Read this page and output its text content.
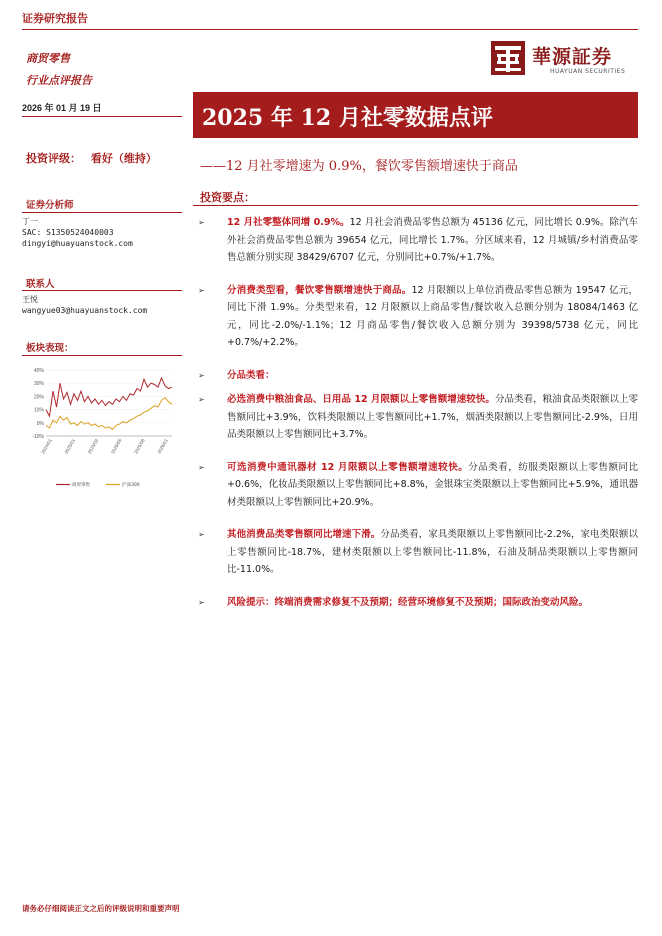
证券研究报告
商贸零售
行业点评报告
華源証券
HUAYUAN SECURITIES
2026 年 01 月 19 日	2025 年 12 月社零数据点评
投资评级： 看好（维持）
——12 月社零增速为 0.9%，餐饮零售额增速快于商品
证券分析师
丁一
SAC: S1350524040003
dingyi@huayuanstock.com
联系人
王悦
wangyue03@huayuanstock.com
板块表现：
40%
30%
20%
10%
0%
-10%
2024/01 2025/01 2025/03 2025/05 2025/08 2026/01
商贸零售	沪深300
投资要点：
➢ 12 月社零整体同增 0.9%。12 月社会消费品零售总额为 45136 亿元，同比增长 0.9%。除汽车外社会消费品零售总额为 39654 亿元，同比增长 1.7%。分区域来看，12 月城镇/乡村消费品零售总额分别实现 38429/6707 亿元，分别同比+0.7%/+1.7%。
➢ 分消费类型看，餐饮零售额增速快于商品。12 月限额以上单位消费品零售总额为 19547 亿元，同比下滑 1.9%。分类型来看，12 月限额以上商品零售/餐饮收入总额分别为 18084/1463 亿元，同比-2.0%/-1.1%；12 月商品零售/餐饮收入总额分别为 39398/5738 亿元，同比+0.7%/+2.2%。
➢ 分品类看：
➢ 必选消费中粮油食品、日用品 12 月限额以上零售额增速较快。分品类看，粮油食品类限额以上零售额同比+3.9%，饮料类限额以上零售额同比+1.7%，烟酒类限额以上零售额同比-2.9%，日用品类限额以上零售额同比+3.7%。
➢ 可选消费中通讯器材 12 月限额以上零售额增速较快。分品类看，纺服类限额以上零售额同比+0.6%，化妆品类限额以上零售额同比+8.8%，金银珠宝类限额以上零售额同比+5.9%，通讯器材类限额以上零售额同比+20.9%。
➢ 其他消费品类零售额同比增速下滑。分品类看，家具类限额以上零售额同比-2.2%，家电类限额以上零售额同比-18.7%，建材类限额以上零售额同比-11.8%，石油及制品类限额以上零售额同比-11.0%。
➢ 风险提示：终端消费需求修复不及预期；经营环境修复不及预期；国际政治变动风险。
请务必仔细阅读正文之后的评级说明和重要声明
